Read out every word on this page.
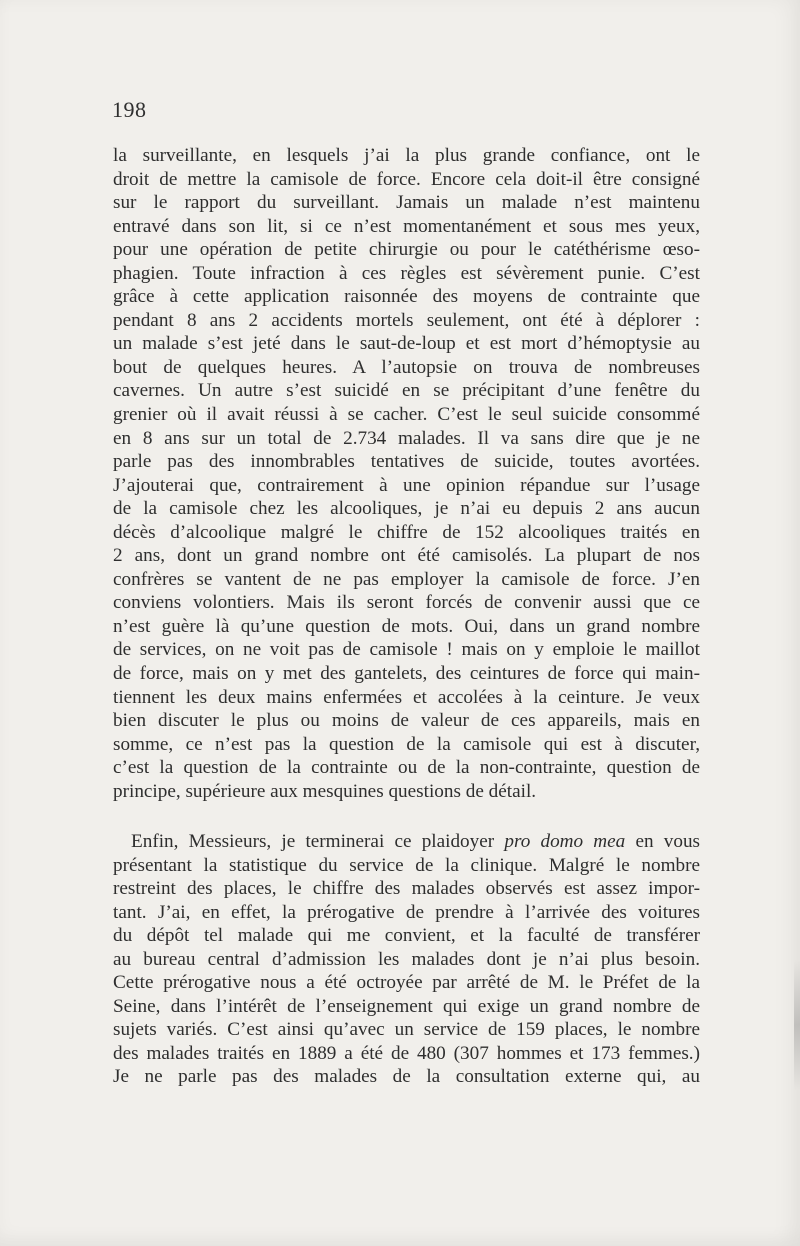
198
la surveillante, en lesquels j’ai la plus grande confiance, ont le
droit de mettre la camisole de force. Encore cela doit-il être consigné
sur le rapport du surveillant. Jamais un malade n’est maintenu
entravé dans son lit, si ce n’est momentanément et sous mes yeux,
pour une opération de petite chirurgie ou pour le catéthérisme œso-
phagien. Toute infraction à ces règles est sévèrement punie. C’est
grâce à cette application raisonnée des moyens de contrainte que
pendant 8 ans 2 accidents mortels seulement, ont été à déplorer :
un malade s’est jeté dans le saut-de-loup et est mort d’hémoptysie au
bout de quelques heures. A l’autopsie on trouva de nombreuses
cavernes. Un autre s’est suicidé en se précipitant d’une fenêtre du
grenier où il avait réussi à se cacher. C’est le seul suicide consommé
en 8 ans sur un total de 2.734 malades. Il va sans dire que je ne
parle pas des innombrables tentatives de suicide, toutes avortées.
J’ajouterai que, contrairement à une opinion répandue sur l’usage
de la camisole chez les alcooliques, je n’ai eu depuis 2 ans aucun
décès d’alcoolique malgré le chiffre de 152 alcooliques traités en
2 ans, dont un grand nombre ont été camisolés. La plupart de nos
confrères se vantent de ne pas employer la camisole de force. J’en
conviens volontiers. Mais ils seront forcés de convenir aussi que ce
n’est guère là qu’une question de mots. Oui, dans un grand nombre
de services, on ne voit pas de camisole ! mais on y emploie le maillot
de force, mais on y met des gantelets, des ceintures de force qui main-
tiennent les deux mains enfermées et accolées à la ceinture. Je veux
bien discuter le plus ou moins de valeur de ces appareils, mais en
somme, ce n’est pas la question de la camisole qui est à discuter,
c’est la question de la contrainte ou de la non-contrainte, question de
principe, supérieure aux mesquines questions de détail.
Enfin, Messieurs, je terminerai ce plaidoyer pro domo mea en vous
présentant la statistique du service de la clinique. Malgré le nombre
restreint des places, le chiffre des malades observés est assez impor-
tant. J’ai, en effet, la prérogative de prendre à l’arrivée des voitures
du dépôt tel malade qui me convient, et la faculté de transférer
au bureau central d’admission les malades dont je n’ai plus besoin.
Cette prérogative nous a été octroyée par arrêté de M. le Préfet de la
Seine, dans l’intérêt de l’enseignement qui exige un grand nombre de
sujets variés. C’est ainsi qu’avec un service de 159 places, le nombre
des malades traités en 1889 a été de 480 (307 hommes et 173 femmes.)
Je ne parle pas des malades de la consultation externe qui, au
